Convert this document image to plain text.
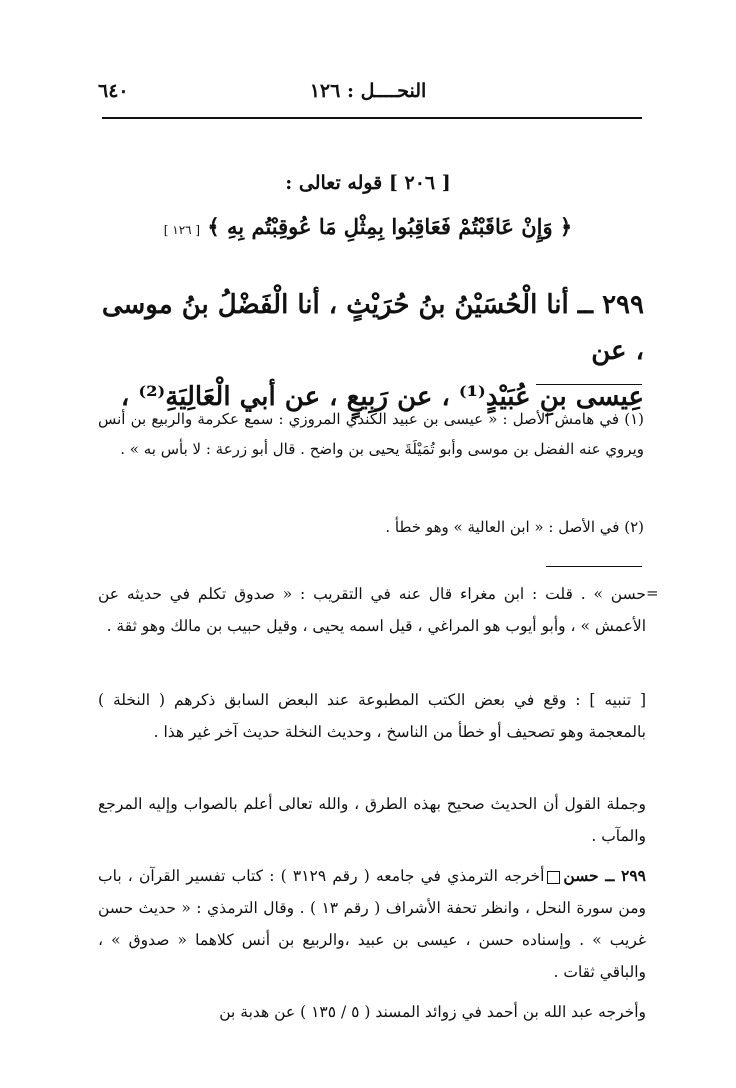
٦٤٠	النحــــل : ١٢٦
[ ٢٠٦ ] قوله تعالى :
﴿ وَإِنْ عَاقَبْتُمْ فَعَاقِبُوا بِمِثْلِ مَا عُوقِبْتُم بِهِ ﴾ [ ١٢٦ ]
٢٩٩ ــ أنا الْحُسَيْنُ بنُ حُرَيْثٍ ، أنا الْفَضْلُ بنُ موسى ، عن
عِيسى بنِ عُبَيْدٍ⁽¹⁾ ، عن رَبِيعٍ ، عن أبي الْعَالِيَةِ⁽²⁾ ،
(١) في هامش الأصل : « عيسى بن عبيد الكندي المروزي : سمع عكرمة والربيع بن أنس ويروي عنه الفضل بن موسى وأبو تُمَيْلَةَ يحيى بن واضح . قال أبو زرعة : لا بأس به » .
(٢) في الأصل : « ابن العالية » وهو خطأ .
=
حسن » . قلت : ابن مغراء قال عنه في التقريب : « صدوق تكلم في حديثه عن الأعمش » ، وأبو أيوب هو المراغي ، قيل اسمه يحيى ، وقيل حبيب بن مالك وهو ثقة .
[ تنبيه ] : وقع في بعض الكتب المطبوعة عند البعض السابق ذكرهم ( النخلة ) بالمعجمة وهو تصحيف أو خطأ من الناسخ ، وحديث النخلة حديث آخر غير هذا .
وجملة القول أن الحديث صحيح بهذه الطرق ، والله تعالى أعلم بالصواب وإليه المرجع والمآب .
٢٩٩ ــ حسنأخرجه الترمذي في جامعه ( رقم ٣١٢٩ ) : كتاب تفسير القرآن ، باب ومن سورة النحل ، وانظر تحفة الأشراف ( رقم ١٣ ) . وقال الترمذي : « حديث حسن غريب » . وإسناده حسن ، عيسى بن عبيد ،والربيع بن أنس كلاهما « صدوق » ، والباقي ثقات .
وأخرجه عبد الله بن أحمد في زوائد المسند ( ٥ / ١٣٥ ) عن هدبة بن
